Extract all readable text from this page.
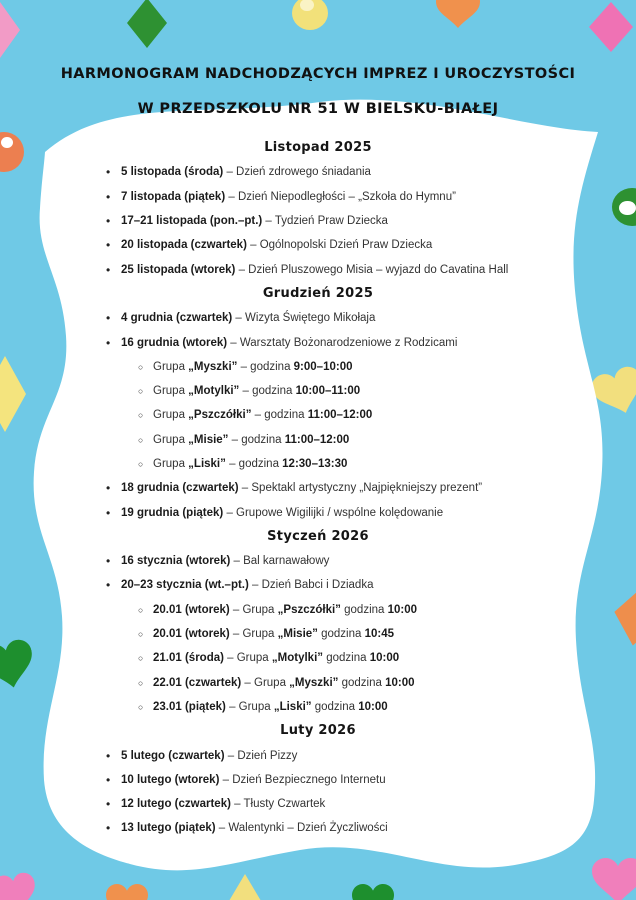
HARMONOGRAM NADCHODZĄCYCH IMPREZ I UROCZYSTOŚCI
W PRZEDSZKOLU NR 51 W BIELSKU-BIAŁEJ
Listopad 2025
• 5 listopada (środa) – Dzień zdrowego śniadania
• 7 listopada (piątek) – Dzień Niepodległości – „Szkoła do Hymnu”
• 17–21 listopada (pon.–pt.) – Tydzień Praw Dziecka
• 20 listopada (czwartek) – Ogólnopolski Dzień Praw Dziecka
• 25 listopada (wtorek) – Dzień Pluszowego Misia – wyjazd do Cavatina Hall
Grudzień 2025
• 4 grudnia (czwartek) – Wizyta Świętego Mikołaja
• 16 grudnia (wtorek) – Warsztaty Bożonarodzeniowe z Rodzicami
○ Grupa „Myszki” – godzina 9:00–10:00
○ Grupa „Motylki” – godzina 10:00–11:00
○ Grupa „Pszczółki” – godzina 11:00–12:00
○ Grupa „Misie” – godzina 11:00–12:00
○ Grupa „Liski” – godzina 12:30–13:30
• 18 grudnia (czwartek) – Spektakl artystyczny „Najpiękniejszy prezent”
• 19 grudnia (piątek) – Grupowe Wigilijki / wspólne kolędowanie
Styczeń 2026
• 16 stycznia (wtorek) – Bal karnawałowy
• 20–23 stycznia (wt.–pt.) – Dzień Babci i Dziadka
○ 20.01 (wtorek) – Grupa „Pszczółki” godzina 10:00
○ 20.01 (wtorek) – Grupa „Misie” godzina 10:45
○ 21.01 (środa) – Grupa „Motylki” godzina 10:00
○ 22.01 (czwartek) – Grupa „Myszki” godzina 10:00
○ 23.01 (piątek) – Grupa „Liski” godzina 10:00
Luty 2026
• 5 lutego (czwartek) – Dzień Pizzy
• 10 lutego (wtorek) – Dzień Bezpiecznego Internetu
• 12 lutego (czwartek) – Tłusty Czwartek
• 13 lutego (piątek) – Walentynki – Dzień Życzliwości
